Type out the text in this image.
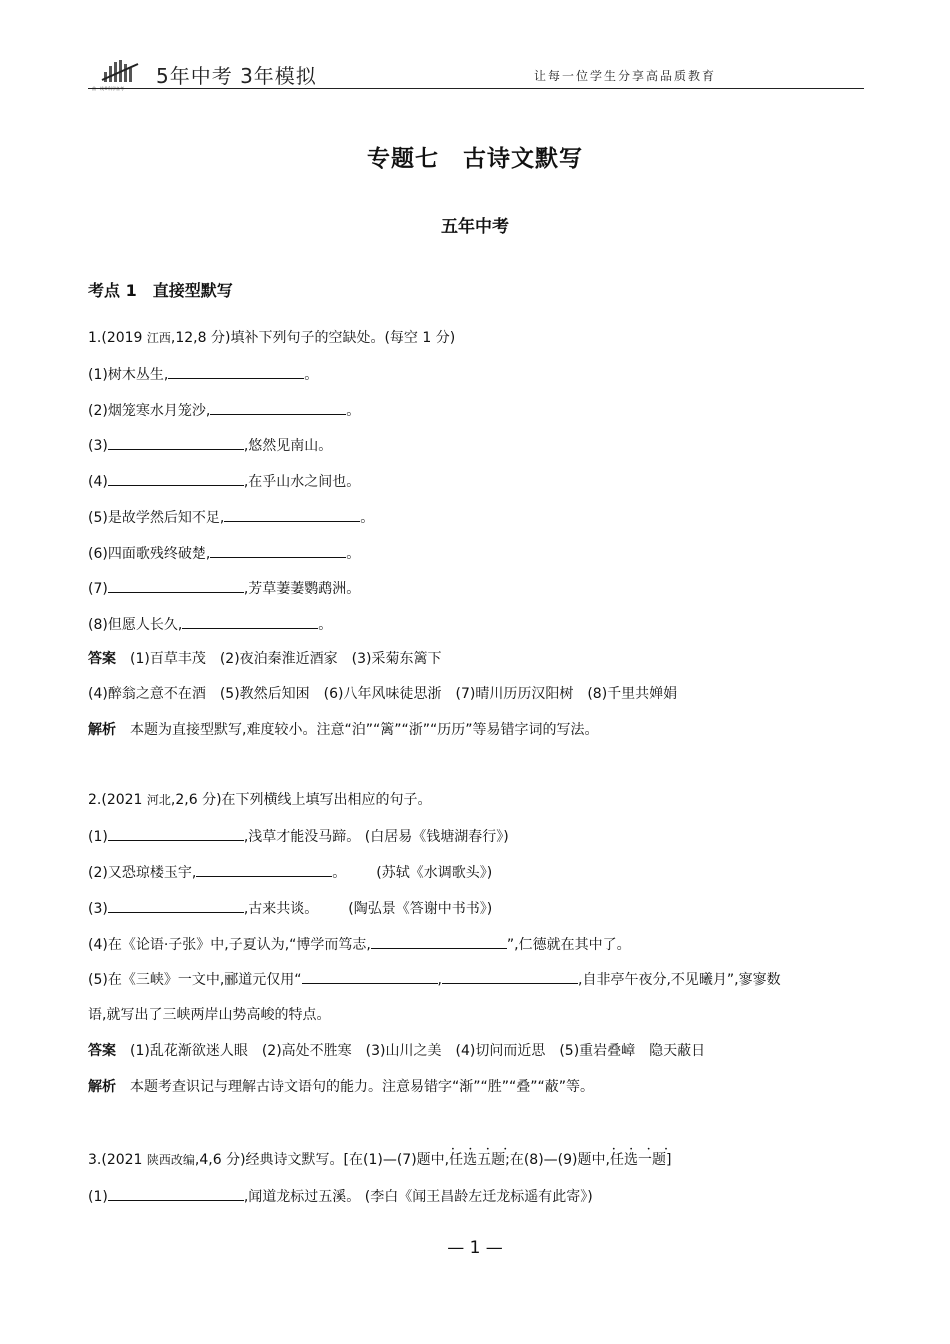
曲一线®科学备考
5年中考 3年模拟	让每一位学生分享高品质教育
专题七　古诗文默写
五年中考
考点 1　直接型默写
1.(2019 江西,12,8 分)填补下列句子的空缺处。(每空 1 分)
(1)树木丛生,	。
(2)烟笼寒水月笼沙,	。
(3)	,悠然见南山。
(4)	,在乎山水之间也。
(5)是故学然后知不足,	。
(6)四面歌残终破楚,	。
(7)	,芳草萋萋鹦鹉洲。
(8)但愿人长久,	。
答案 (1)百草丰茂　(2)夜泊秦淮近酒家　(3)采菊东篱下
(4)醉翁之意不在酒　(5)教然后知困　(6)八年风味徒思浙　(7)晴川历历汉阳树　(8)千里共婵娟
解析 本题为直接型默写,难度较小。注意“泊”“篱”“浙”“历历”等易错字词的写法。
2.(2021 河北,2,6 分)在下列横线上填写出相应的句子。
(1)	,浅草才能没马蹄。 (白居易《钱塘湖春行》)
(2)又恐琼楼玉宇,	。 (苏轼《水调歌头》)
(3)	,古来共谈。 (陶弘景《答谢中书书》)
(4)在《论语·子张》中,子夏认为,“博学而笃志,	”,仁德就在其中了。
(5)在《三峡》一文中,郦道元仅用“	,	,自非亭午夜分,不见曦月”,寥寥数
语,就写出了三峡两岸山势高峻的特点。
答案 (1)乱花渐欲迷人眼　(2)高处不胜寒　(3)山川之美　(4)切问而近思　(5)重岩叠嶂　隐天蔽日
解析 本题考查识记与理解古诗文语句的能力。注意易错字“渐”“胜”“叠”“蔽”等。
3.(2021 陕西改编,4,6 分)经典诗文默写。[在(1)—(7)题中,• • • • 任选五题;在(8)—(9)题中,• • • • 任选一题]
(1)	,闻道龙标过五溪。 (李白《闻王昌龄左迁龙标遥有此寄》)
— 1 —
